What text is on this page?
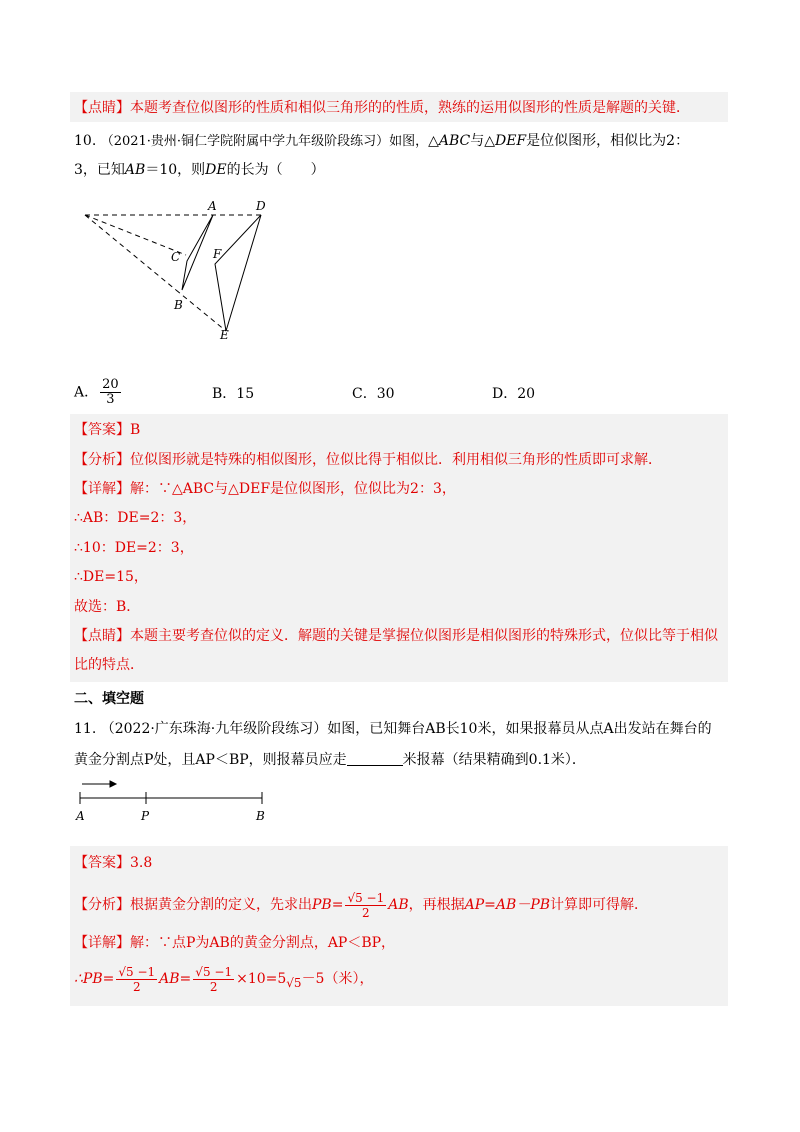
【点睛】本题考查位似图形的性质和相似三角形的的性质，熟练的运用似图形的性质是解题的关键．
10. （2021·贵州·铜仁学院附属中学九年级阶段练习）如图，△ABC与△DEF是位似图形，相似比为2：
3，已知AB＝10，则DE的长为（　　）
A	D
C	F
B
E
A． $\frac{20}{3}$	B．15	C．30	D．20
【答案】B
【分析】位似图形就是特殊的相似图形，位似比得于相似比．利用相似三角形的性质即可求解．
【详解】解：∵△ABC与△DEF是位似图形，位似比为2：3，
∴AB：DE=2：3，
∴10：DE=2：3，
∴DE=15，
故选：B．
【点睛】本题主要考查位似的定义．解题的关键是掌握位似图形是相似图形的特殊形式，位似比等于相似
比的特点．
二、填空题
11. （2022·广东珠海·九年级阶段练习）如图，已知舞台AB长10米，如果报幕员从点A出发站在舞台的
黄金分割点P处，且AP＜BP，则报幕员应走	米报幕（结果精确到0.1米）．
A	P	B
【答案】3.8
【分析】根据黄金分割的定义，先求出$PB= \frac{√5 -1}{2}$ AB，再根据AP=AB－PB计算即可得解．
【详解】解：∵点P为AB的黄金分割点，AP＜BP，
∴PB= $\frac{√5 -1}{2} AB= \frac{√5 -1}{2} \times 10=5√5-5$（米），
